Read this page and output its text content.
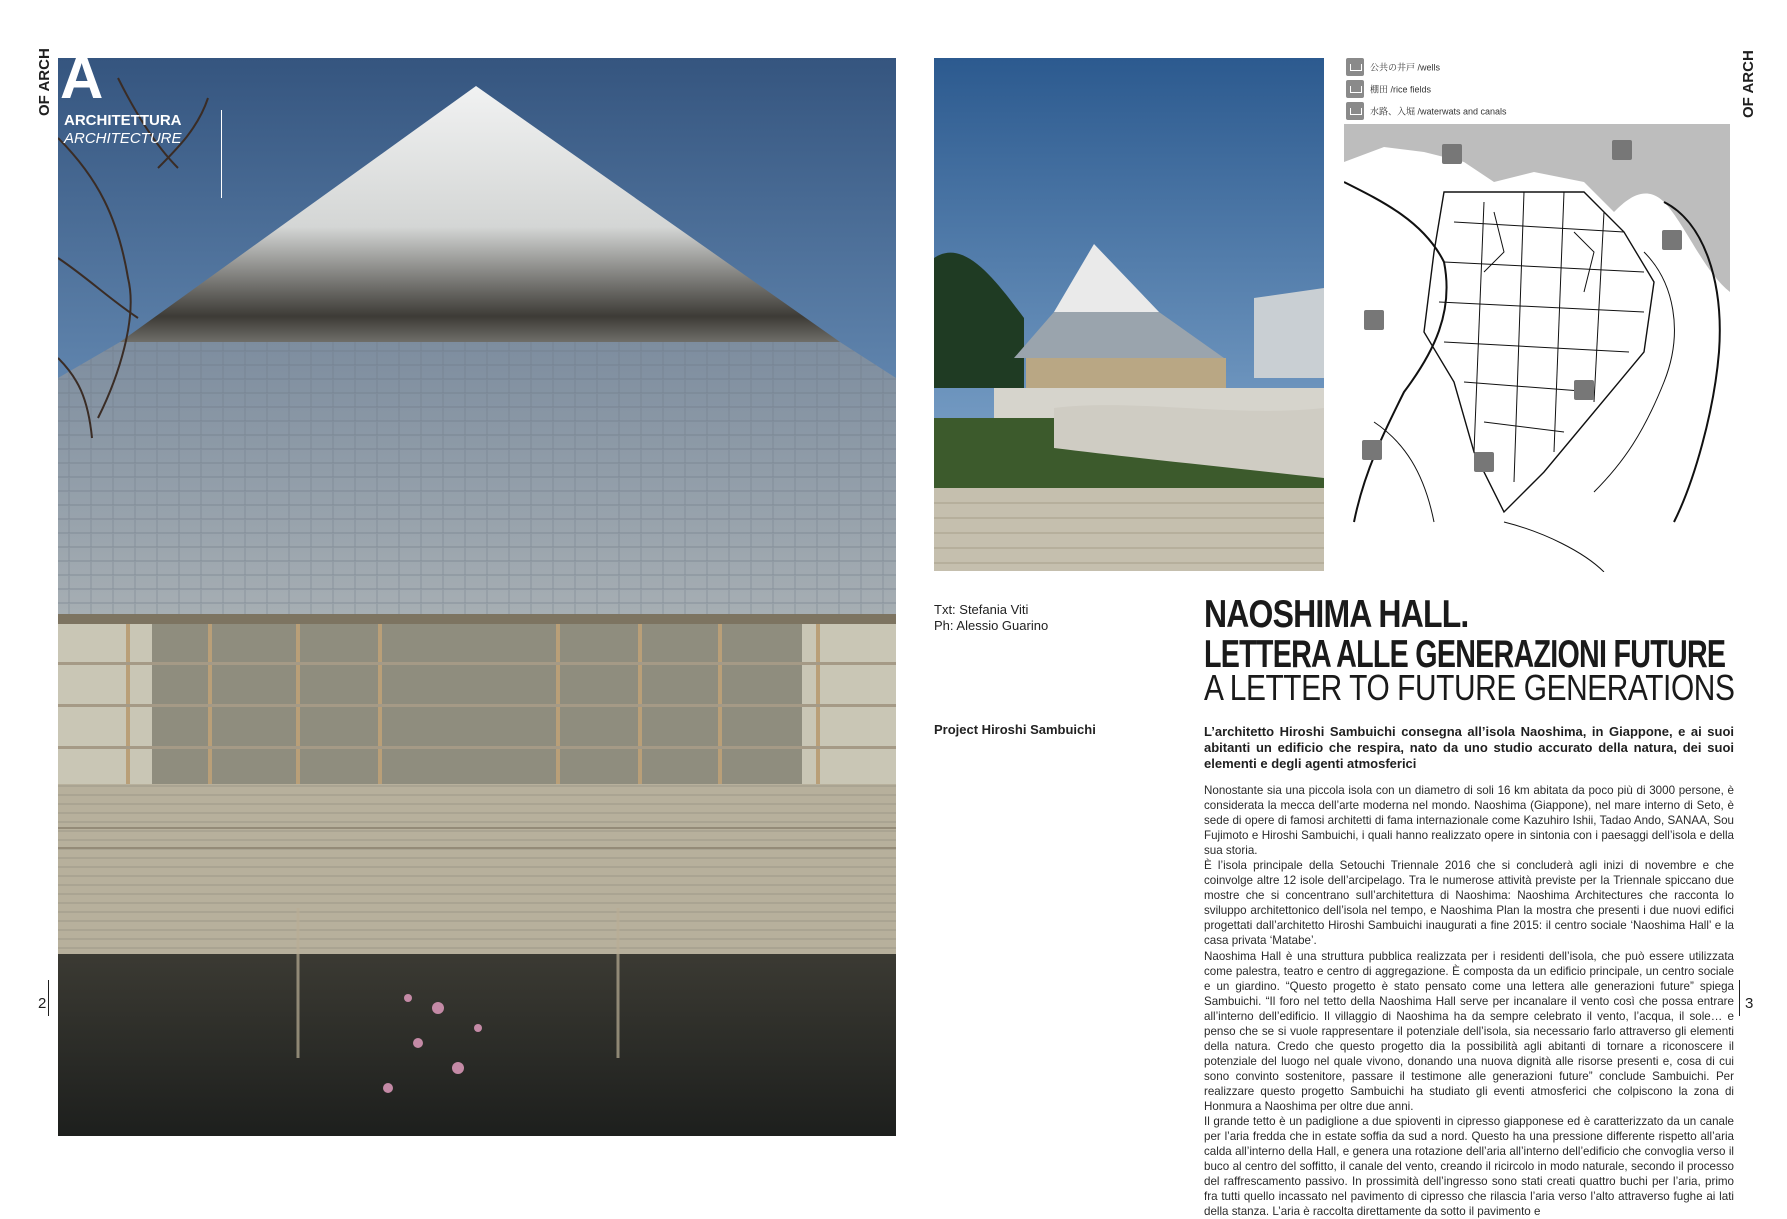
OF ARCH A
ARCHITETTURA
ARCHITECTURE
2
公共の井戸 /wells
棚田 /rice fields
水路、入堀 /waterwats and canals	OF ARCH
Txt: Stefania Viti
Ph: Alessio Guarino
Project Hiroshi Sambuichi
NAOSHIMA HALL.
LETTERA ALLE GENERAZIONI FUTURE
A LETTER TO FUTURE GENERATIONS
L’architetto Hiroshi Sambuichi consegna all’isola Naoshima, in Giappone, e ai suoi abitanti un edificio che respira, nato da uno studio accurato della natura, dei suoi elementi e degli agenti atmosferici

Nonostante sia una piccola isola con un diametro di soli 16 km abitata da poco più di 3000 persone, è considerata la mecca dell’arte moderna nel mondo. Naoshima (Giappone), nel mare interno di Seto, è sede di opere di famosi architetti di fama internazionale come Kazuhiro Ishii, Tadao Ando, SANAA, Sou Fujimoto e Hiroshi Sambuichi, i quali hanno realizzato opere in sintonia con i paesaggi dell’isola e della sua storia.

È l’isola principale della Setouchi Triennale 2016 che si concluderà agli inizi di novembre e che coinvolge altre 12 isole dell’arcipelago. Tra le numerose attività previste per la Triennale spiccano due mostre che si concentrano sull’architettura di Naoshima: Naoshima Architectures che racconta lo sviluppo architettonico dell’isola nel tempo, e Naoshima Plan la mostra che presenti i due nuovi edifici progettati dall’architetto Hiroshi Sambuichi inaugurati a fine 2015: il centro sociale ‘Naoshima Hall’ e la casa privata ‘Matabe’.

Naoshima Hall è una struttura pubblica realizzata per i residenti dell’isola, che può essere utilizzata come palestra, teatro e centro di aggregazione. È composta da un edificio principale, un centro sociale e un giardino. “Questo progetto è stato pensato come una lettera alle generazioni future” spiega Sambuichi. “Il foro nel tetto della Naoshima Hall serve per incanalare il vento così che possa entrare all’interno dell’edificio. Il villaggio di Naoshima ha da sempre celebrato il vento, l’acqua, il sole… e penso che se si vuole rappresentare il potenziale dell’isola, sia necessario farlo attraverso gli elementi della natura. Credo che questo progetto dia la possibilità agli abitanti di tornare a riconoscere il potenziale del luogo nel quale vivono, donando una nuova dignità alle risorse presenti e, cosa di cui sono convinto sostenitore, passare il testimone alle generazioni future” conclude Sambuichi. Per realizzare questo progetto Sambuichi ha studiato gli eventi atmosferici che colpiscono la zona di Honmura a Naoshima per oltre due anni.

Il grande tetto è un padiglione a due spioventi in cipresso giapponese ed è caratterizzato da un canale per l’aria fredda che in estate soffia da sud a nord. Questo ha una pressione differente rispetto all’aria calda all’interno della Hall, e genera una rotazione dell’aria all’interno dell’edificio che convoglia verso il buco al centro del soffitto, il canale del vento, creando il ricircolo in modo naturale, secondo il processo del raffrescamento passivo. In prossimità dell’ingresso sono stati creati quattro buchi per l’aria, primo fra tutti quello incassato nel pavimento di cipresso che rilascia l’aria verso l’alto attraverso fughe ai lati della stanza. L’aria è raccolta direttamente da sotto il pavimento e

3
